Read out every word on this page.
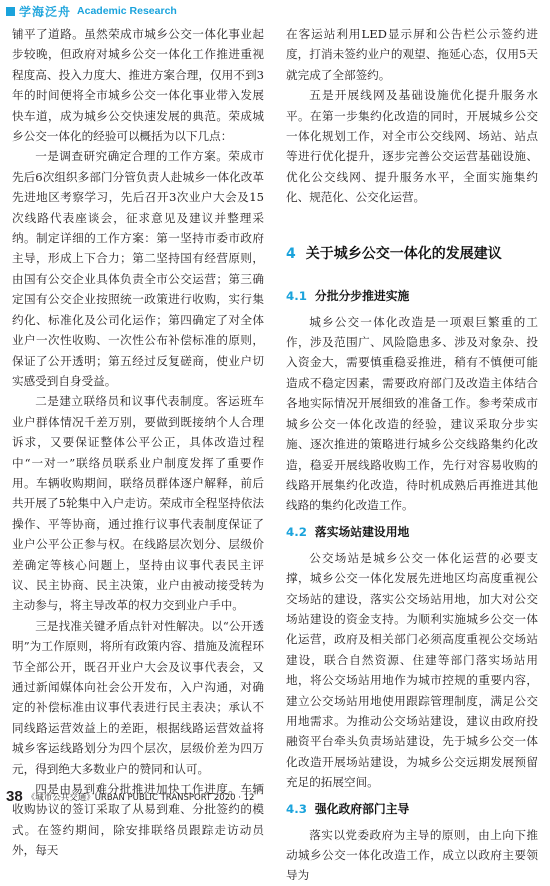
学海泛舟 Academic Research

铺平了道路。虽然荣成市城乡公交一体化事业起步较晚，但政府对城乡公交一体化工作推进重视程度高、投入力度大、推进方案合理，仅用不到3年的时间便将全市城乡公交一体化事业带入发展快车道，成为城乡公交快速发展的典范。荣成城乡公交一体化的经验可以概括为以下几点：

一是调查研究确定合理的工作方案。荣成市先后6次组织多部门分管负责人赴城乡一体化改革先进地区考察学习，先后召开3次业户大会及15次线路代表座谈会，征求意见及建议并整理采纳。制定详细的工作方案：第一坚持市委市政府主导，形成上下合力；第二坚持国有经营原则，由国有公交企业具体负责全市公交运营；第三确定国有公交企业按照统一政策进行收购，实行集约化、标准化及公司化运作；第四确定了对全体业户一次性收购、一次性公布补偿标准的原则，保证了公开透明；第五经过反复磋商，使业户切实感受到自身受益。

二是建立联络员和议事代表制度。客运班车业户群体情况千差万别，要做到既接纳个人合理诉求，又要保证整体公平公正，具体改造过程中“一对一”联络员联系业户制度发挥了重要作用。车辆收购期间，联络员群体逐户解释，前后共开展了5轮集中入户走访。荣成市全程坚持依法操作、平等协商，通过推行议事代表制度保证了业户公平公正参与权。在线路层次划分、层级价差确定等核心问题上，坚持由议事代表民主评议、民主协商、民主决策，业户由被动接受转为主动参与，将主导改革的权力交到业户手中。

三是找准关键矛盾点针对性解决。以“公开透明”为工作原则，将所有政策内容、措施及流程环节全部公开，既召开业户大会及议事代表会，又通过新闻媒体向社会公开发布，入户沟通，对确定的补偿标准由议事代表进行民主表决；承认不同线路运营效益上的差距，根据线路运营效益将城乡客运线路划分为四个层次，层级价差为四万元，得到绝大多数业户的赞同和认可。

四是由易到难分批推进加快工作进度。车辆收购协议的签订采取了从易到难、分批签约的模式。在签约期间，除安排联络员跟踪走访动员外，每天

在客运站利用LED显示屏和公告栏公示签约进度，打消未签约业户的观望、拖延心态，仅用5天就完成了全部签约。

五是开展线网及基础设施优化提升服务水平。在第一步集约化改造的同时，开展城乡公交一体化规划工作，对全市公交线网、场站、站点等进行优化提升，逐步完善公交运营基础设施、优化公交线网、提升服务水平，全面实施集约化、规范化、公交化运营。

4 关于城乡公交一体化的发展建议
4.1 分批分步推进实施

城乡公交一体化改造是一项艰巨繁重的工作，涉及范围广、风险隐患多、涉及对象杂、投入资金大，需要慎重稳妥推进，稍有不慎便可能造成不稳定因素，需要政府部门及改造主体结合各地实际情况开展细致的准备工作。参考荣成市城乡公交一体化改造的经验，建议采取分步实施、逐次推进的策略进行城乡公交线路集约化改造，稳妥开展线路收购工作，先行对容易收购的线路开展集约化改造，待时机成熟后再推进其他线路的集约化改造工作。

4.2 落实场站建设用地

公交场站是城乡公交一体化运营的必要支撑，城乡公交一体化发展先进地区均高度重视公交场站的建设，落实公交场站用地，加大对公交场站建设的资金支持。为顺利实施城乡公交一体化运营，政府及相关部门必须高度重视公交场站建设，联合自然资源、住建等部门落实场站用地，将公交场站用地作为城市控规的重要内容，建立公交场站用地使用跟踪管理制度，满足公交用地需求。为推动公交场站建设，建议由政府投融资平台牵头负责场站建设，先于城乡公交一体化改造开展场站建设，为城乡公交远期发展预留充足的拓展空间。

4.3 强化政府部门主导

落实以党委政府为主导的原则，由上向下推动城乡公交一体化改造工作，成立以政府主要领导为

38 《城市公共交通》URBAN PUBLIC TRANSPORT 2020 · 12
